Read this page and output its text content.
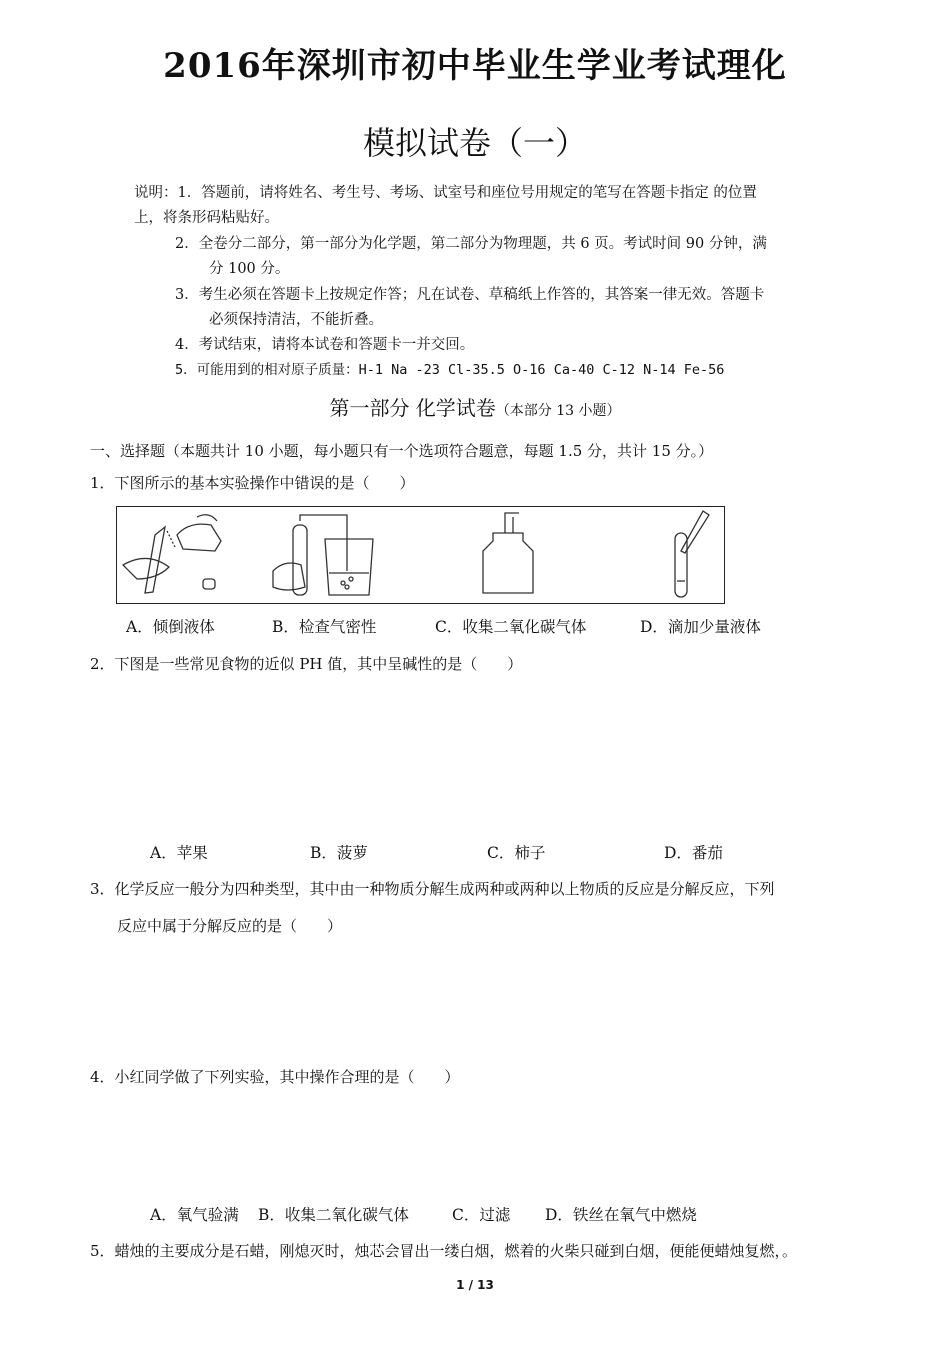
2016年深圳市初中毕业生学业考试理化
模拟试卷（一）
说明：1．答题前，请将姓名、考生号、考场、试室号和座位号用规定的笔写在答题卡指定 的位置
上，将条形码粘贴好。
2．全卷分二部分，第一部分为化学题，第二部分为物理题，共 6 页。考试时间 90 分钟，满
分 100 分。
3．考生必须在答题卡上按规定作答；凡在试卷、草稿纸上作答的，其答案一律无效。答题卡
必须保持清洁，不能折叠。
4．考试结束，请将本试卷和答题卡一并交回。
5．可能用到的相对原子质量：H-1 Na -23 Cl-35.5 O-16 Ca-40 C-12 N-14 Fe-56
第一部分 化学试卷（本部分 13 小题）
一、选择题（本题共计 10 小题，每小题只有一个选项符合题意，每题 1.5 分，共计 15 分。）
1．下图所示的基本实验操作中错误的是（　　）
A．倾倒液体	B．检查气密性	C．收集二氧化碳气体	D．滴加少量液体
2．下图是一些常见食物的近似 PH 值，其中呈碱性的是（　　）
A．苹果	B．菠萝	C．柿子	D．番茄
3．化学反应一般分为四种类型，其中由一种物质分解生成两种或两种以上物质的反应是分解反应，下列
反应中属于分解反应的是（　　）
4．小红同学做了下列实验，其中操作合理的是（　　）
A．氧气验满 B．收集二氧化碳气体	C．过滤 D．铁丝在氧气中燃烧
5．蜡烛的主要成分是石蜡，刚熄灭时，烛芯会冒出一缕白烟，燃着的火柴只碰到白烟，便能便蜡烛复燃，。
1 / 13
